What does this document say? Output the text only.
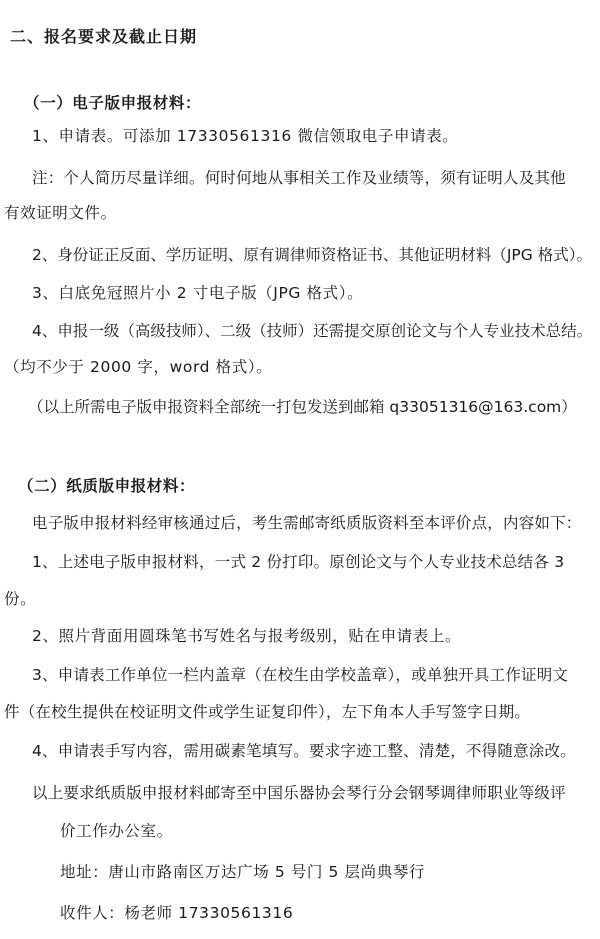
二、报名要求及截止日期
（一）电子版申报材料：
1、申请表。可添加 17330561316 微信领取电子申请表。
注：个人简历尽量详细。何时何地从事相关工作及业绩等，须有证明人及其他
有效证明文件。
2、身份证正反面、学历证明、原有调律师资格证书、其他证明材料（JPG 格式）。
3、白底免冠照片小 2 寸电子版（JPG 格式）。
4、申报一级（高级技师）、二级（技师）还需提交原创论文与个人专业技术总结。
（均不少于 2000 字，word 格式）。
（以上所需电子版申报资料全部统一打包发送到邮箱 q33051316@163.com）
（二）纸质版申报材料：
电子版申报材料经审核通过后，考生需邮寄纸质版资料至本评价点，内容如下：
1、上述电子版申报材料，一式 2 份打印。原创论文与个人专业技术总结各 3
份。
2、照片背面用圆珠笔书写姓名与报考级别，贴在申请表上。
3、申请表工作单位一栏内盖章（在校生由学校盖章），或单独开具工作证明文
件（在校生提供在校证明文件或学生证复印件），左下角本人手写签字日期。
4、申请表手写内容，需用碳素笔填写。要求字迹工整、清楚，不得随意涂改。
以上要求纸质版申报材料邮寄至中国乐器协会琴行分会钢琴调律师职业等级评
价工作办公室。
地址：唐山市路南区万达广场 5 号门 5 层尚典琴行
收件人：杨老师 17330561316
